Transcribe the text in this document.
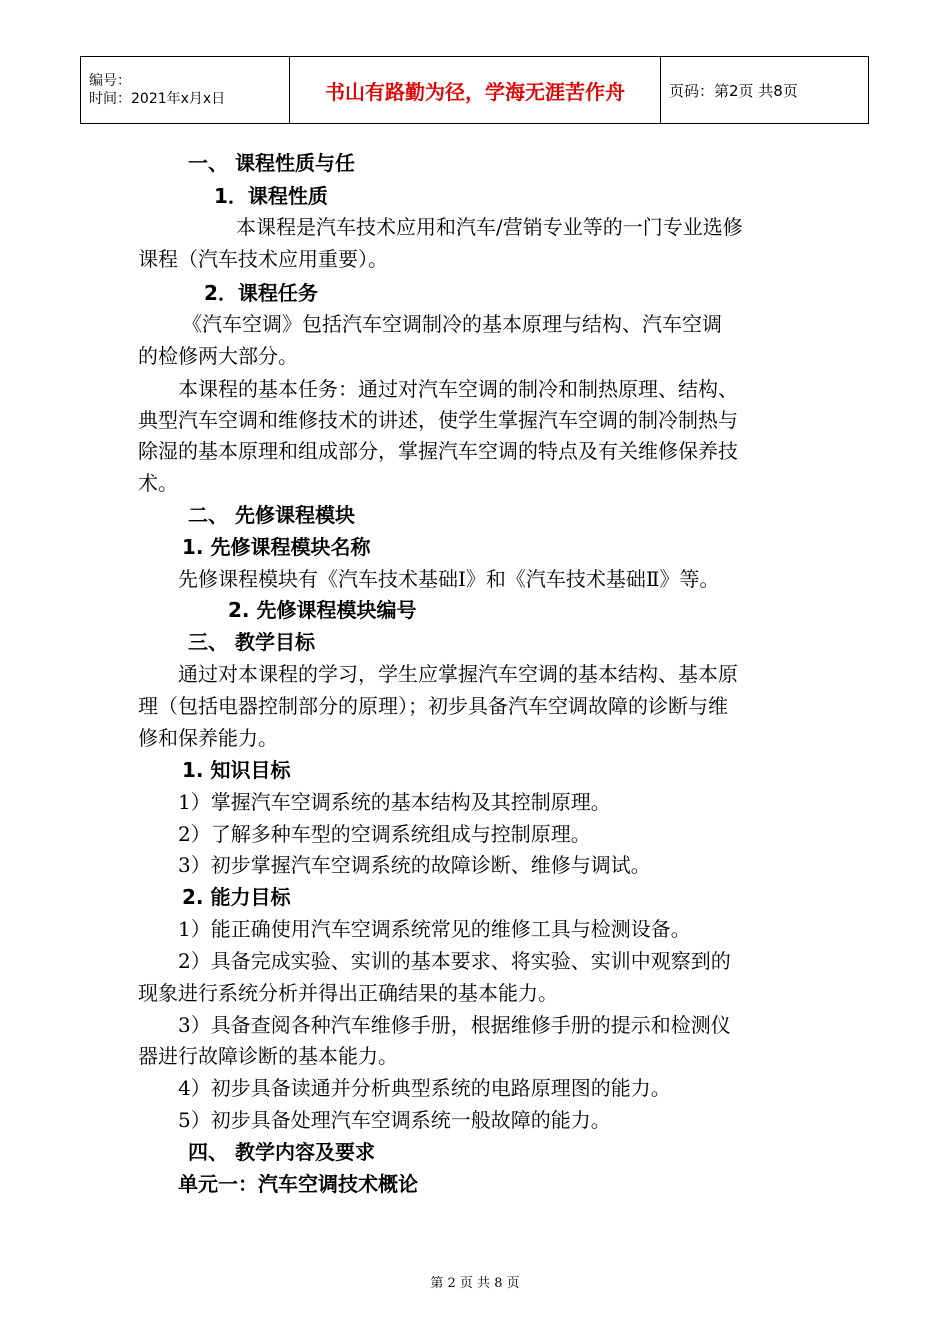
编号：
时间：2021年x月x日	书山有路勤为径，学海无涯苦作舟	页码：第2页 共8页
一、 课程性质与任
1．课程性质
本课程是汽车技术应用和汽车/营销专业等的一门专业选修
课程（汽车技术应用重要）。
2．课程任务
《汽车空调》包括汽车空调制冷的基本原理与结构、汽车空调
的检修两大部分。
本课程的基本任务：通过对汽车空调的制冷和制热原理、结构、
典型汽车空调和维修技术的讲述，使学生掌握汽车空调的制冷制热与
除湿的基本原理和组成部分，掌握汽车空调的特点及有关维修保养技
术。
二、 先修课程模块
1. 先修课程模块名称
先修课程模块有《汽车技术基础Ⅰ》和《汽车技术基础Ⅱ》等。
2. 先修课程模块编号
三、 教学目标
通过对本课程的学习，学生应掌握汽车空调的基本结构、基本原
理（包括电器控制部分的原理）；初步具备汽车空调故障的诊断与维
修和保养能力。
1. 知识目标
1）掌握汽车空调系统的基本结构及其控制原理。
2）了解多种车型的空调系统组成与控制原理。
3）初步掌握汽车空调系统的故障诊断、维修与调试。
2. 能力目标
1）能正确使用汽车空调系统常见的维修工具与检测设备。
2）具备完成实验、实训的基本要求、将实验、实训中观察到的
现象进行系统分析并得出正确结果的基本能力。
3）具备查阅各种汽车维修手册，根据维修手册的提示和检测仪
器进行故障诊断的基本能力。
4）初步具备读通并分析典型系统的电路原理图的能力。
5）初步具备处理汽车空调系统一般故障的能力。
四、 教学内容及要求
单元一：汽车空调技术概论
第 2 页 共 8 页
